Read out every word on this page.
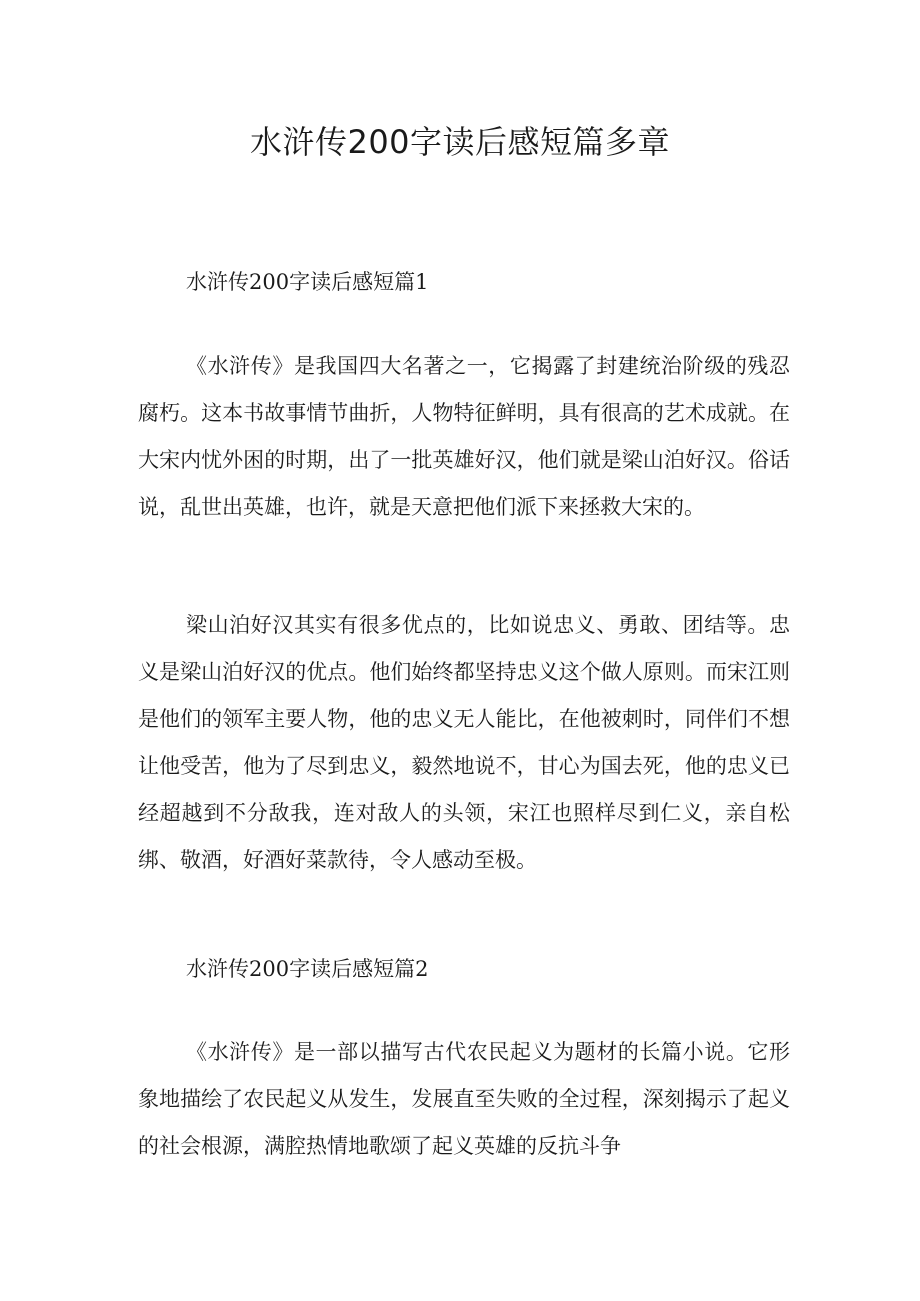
水浒传200字读后感短篇多章
水浒传200字读后感短篇1

《水浒传》是我国四大名著之一，它揭露了封建统治阶级的残忍腐朽。这本书故事情节曲折，人物特征鲜明，具有很高的艺术成就。在大宋内忧外困的时期，出了一批英雄好汉，他们就是梁山泊好汉。俗话说，乱世出英雄，也许，就是天意把他们派下来拯救大宋的。

梁山泊好汉其实有很多优点的，比如说忠义、勇敢、团结等。忠义是梁山泊好汉的优点。他们始终都坚持忠义这个做人原则。而宋江则是他们的领军主要人物，他的忠义无人能比，在他被刺时，同伴们不想让他受苦，他为了尽到忠义，毅然地说不，甘心为国去死，他的忠义已经超越到不分敌我，连对敌人的头领，宋江也照样尽到仁义，亲自松绑、敬酒，好酒好菜款待，令人感动至极。

水浒传200字读后感短篇2

《水浒传》是一部以描写古代农民起义为题材的长篇小说。它形象地描绘了农民起义从发生，发展直至失败的全过程，深刻揭示了起义的社会根源，满腔热情地歌颂了起义英雄的反抗斗争
